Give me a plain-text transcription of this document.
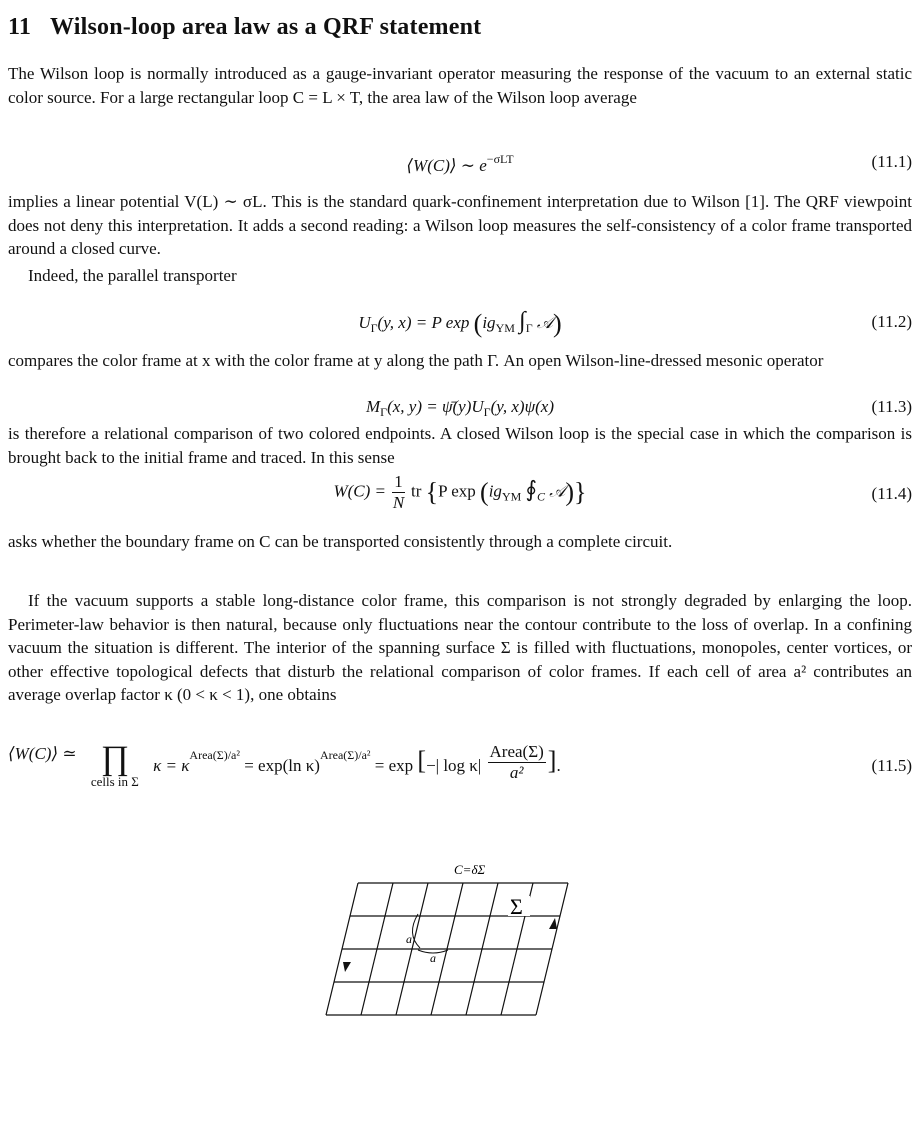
11 Wilson-loop area law as a QRF statement

The Wilson loop is normally introduced as a gauge-invariant operator measuring the response of the vacuum to an external static color source. For a large rectangular loop C = L × T, the area law of the Wilson loop average

⟨W(C)⟩ ∼ $e^{-\sigma LT}$	(11.1)

implies a linear potential V(L) ∼ σL. This is the standard quark-confinement interpretation due to Wilson [1]. The QRF viewpoint does not deny this interpretation. It adds a second reading: a Wilson loop measures the self-consistency of a color frame transported around a closed curve.

Indeed, the parallel transporter

$U_\Gamma(y$, x) = P $\exp (ig_{YM}$ $\int_\Gamma$ 𝒜)	(11.2)

compares the color frame at x with the color frame at y along the path Γ. An open Wilson-line-dressed mesonic operator

$M_\Gamma(x$, $y) = \psī(y)U_\Gamma(y$, x)ψ(x)	(11.3)

is therefore a relational comparison of two colored endpoints. A closed Wilson loop is the special case in which the comparison is brought back to the initial frame and traced. In this sense

$W(C) = \frac{1}{N}$ tr {P $\exp (ig_{YM}$ $∮_C$ 𝒜)}	(11.4)

asks whether the boundary frame on C can be transported consistently through a complete circuit.

If the vacuum supports a stable long-distance color frame, this comparison is not strongly degraded by enlarging the loop. Perimeter-law behavior is then natural, because only fluctuations near the contour contribute to the loss of overlap. In a confining vacuum the situation is different. The interior of the spanning surface Σ is filled with fluctuations, monopoles, center vortices, or other effective topological defects that disturb the relational comparison of color frames. If each cell of area a² contributes an average overlap factor κ (0 < κ < 1), one obtains

⟨W(C)⟩ ≃ ∏
cells in Σ
$\kappa = \kappa^{Area(\Sigma)/a^2} = \exp(\ln$ κ)$^{Area(\Sigma)/a^2}$ = exp [−| $\log \kappa| \frac{\text{Area(Σ)}}{\text{a²}}$ ].	(11.5)
C=δΣ
Σ
a
a
